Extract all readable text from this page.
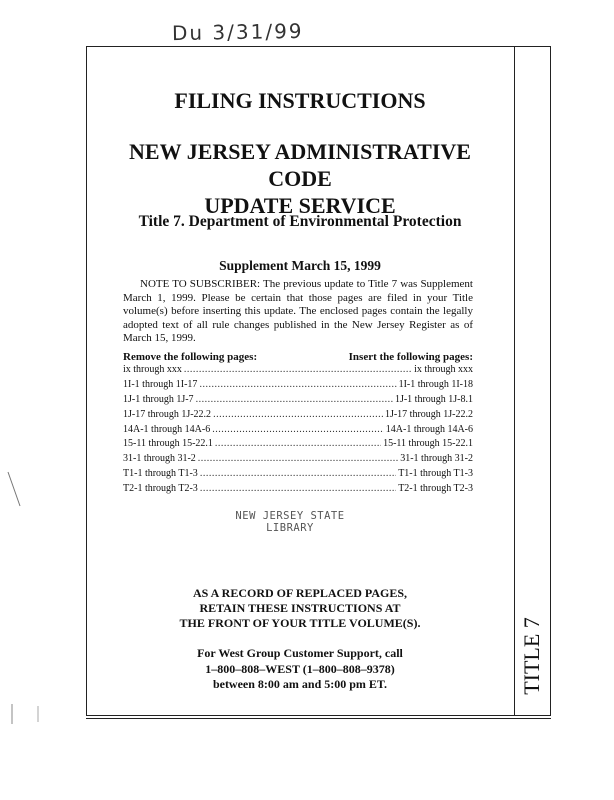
Du 3/31/99
TITLE 7
FILING INSTRUCTIONS
NEW JERSEY ADMINISTRATIVE CODE
UPDATE SERVICE
Title 7. Department of Environmental Protection
Supplement March 15, 1999
NOTE TO SUBSCRIBER: The previous update to Title 7 was Supplement March 1, 1999. Please be certain that those pages are filed in your Title volume(s) before inserting this update. The enclosed pages contain the legally adopted text of all rule changes published in the New Jersey Register as of March 15, 1999.
Remove the following pages:	Insert the following pages:
ix through xxx . . .	ix through xxx
1I-1 through 1I-17 . . .	1I-1 through 1I-18
1J-1 through 1J-7 . . .	1J-1 through 1J-8.1
1J-17 through 1J-22.2 . . .	1J-17 through 1J-22.2
14A-1 through 14A-6 . . .	14A-1 through 14A-6
15-11 through 15-22.1 . . .	15-11 through 15-22.1
31-1 through 31-2 . . .	31-1 through 31-2
T1-1 through T1-3 . . .	T1-1 through T1-3
T2-1 through T2-3 . . .	T2-1 through T2-3
NEW JERSEY STATE LIBRARY
AS A RECORD OF REPLACED PAGES,
RETAIN THESE INSTRUCTIONS AT
THE FRONT OF YOUR TITLE VOLUME(S).
For West Group Customer Support, call
1–800–808–WEST (1–800–808–9378)
between 8:00 am and 5:00 pm ET.
